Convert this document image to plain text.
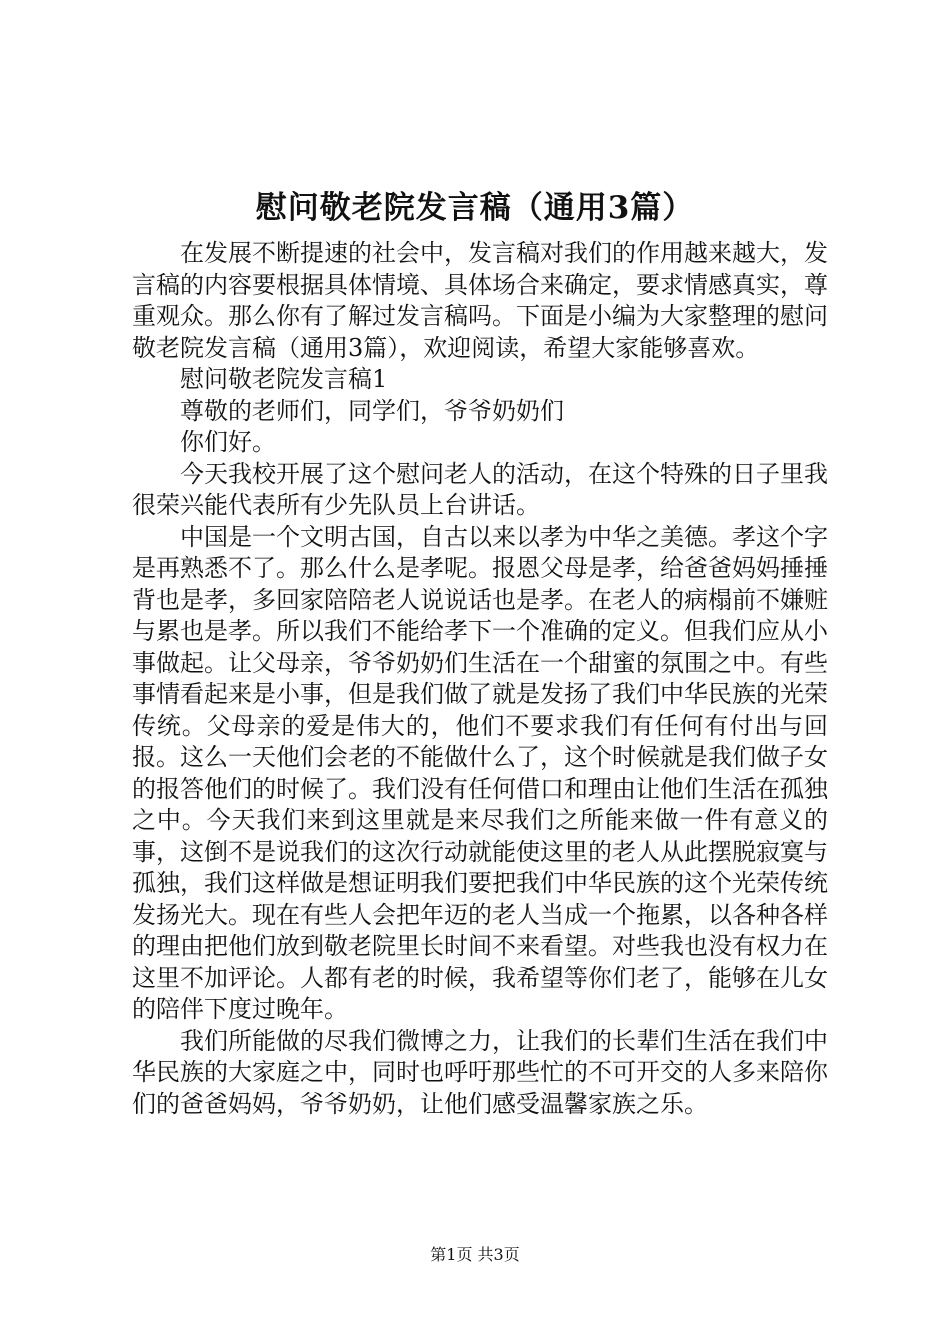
慰问敬老院发言稿（通用3篇）

在发展不断提速的社会中，发言稿对我们的作用越来越大，发言稿的内容要根据具体情境、具体场合来确定，要求情感真实，尊重观众。那么你有了解过发言稿吗。下面是小编为大家整理的慰问敬老院发言稿（通用3篇），欢迎阅读，希望大家能够喜欢。

慰问敬老院发言稿1

尊敬的老师们，同学们，爷爷奶奶们

你们好。

今天我校开展了这个慰问老人的活动，在这个特殊的日子里我很荣兴能代表所有少先队员上台讲话。

中国是一个文明古国，自古以来以孝为中华之美德。孝这个字是再熟悉不了。那么什么是孝呢。报恩父母是孝，给爸爸妈妈捶捶背也是孝，多回家陪陪老人说说话也是孝。在老人的病榻前不嫌赃与累也是孝。所以我们不能给孝下一个准确的定义。但我们应从小事做起。让父母亲，爷爷奶奶们生活在一个甜蜜的氛围之中。有些事情看起来是小事，但是我们做了就是发扬了我们中华民族的光荣传统。父母亲的爱是伟大的，他们不要求我们有任何有付出与回报。这么一天他们会老的不能做什么了，这个时候就是我们做子女的报答他们的时候了。我们没有任何借口和理由让他们生活在孤独之中。今天我们来到这里就是来尽我们之所能来做一件有意义的事，这倒不是说我们的这次行动就能使这里的老人从此摆脱寂寞与孤独，我们这样做是想证明我们要把我们中华民族的这个光荣传统发扬光大。现在有些人会把年迈的老人当成一个拖累，以各种各样的理由把他们放到敬老院里长时间不来看望。对些我也没有权力在这里不加评论。人都有老的时候，我希望等你们老了，能够在儿女的陪伴下度过晚年。

我们所能做的尽我们微博之力，让我们的长辈们生活在我们中华民族的大家庭之中，同时也呼吁那些忙的不可开交的人多来陪你们的爸爸妈妈，爷爷奶奶，让他们感受温馨家族之乐。

第1页 共3页
